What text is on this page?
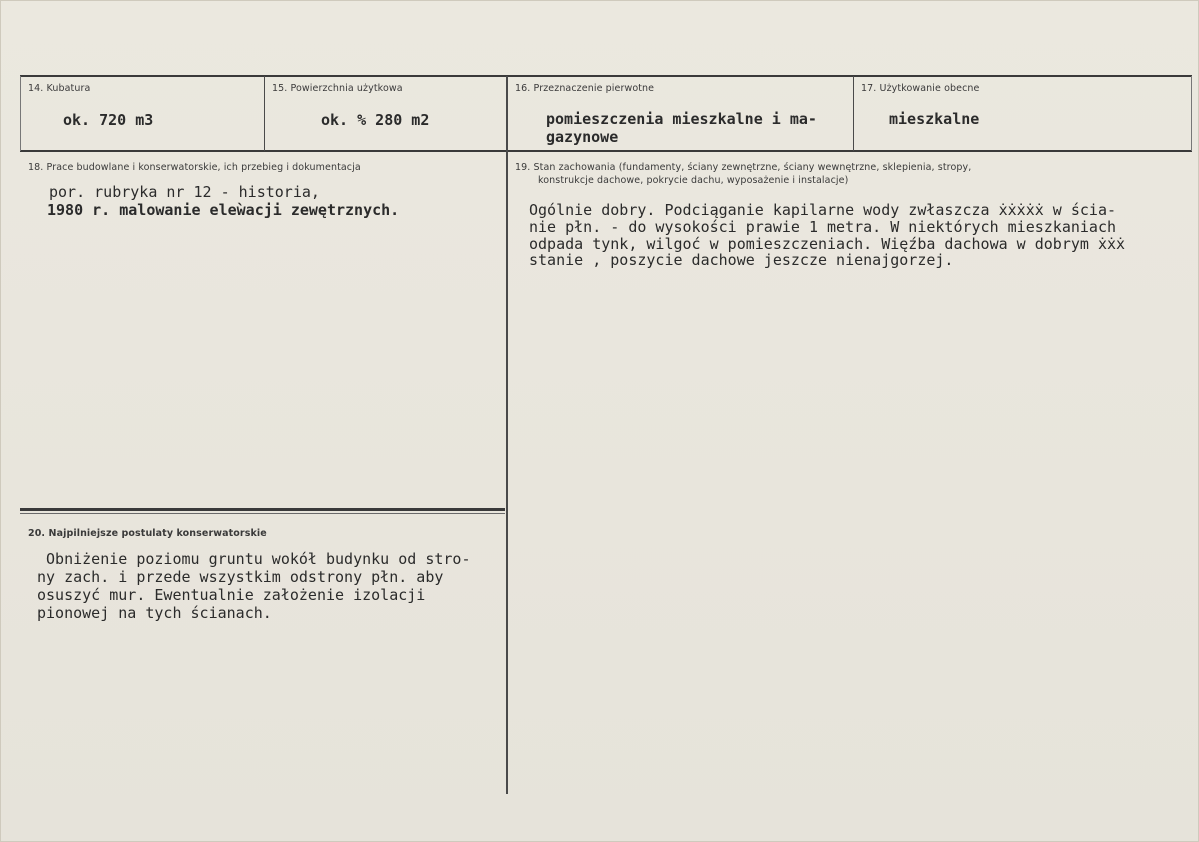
14. Kubatura
ok. 720 m3
15. Powierzchnia użytkowa
ok. % 280 m2
16. Przeznaczenie pierwotne
pomieszczenia mieszkalne i ma-
gazynowe
17. Użytkowanie obecne
mieszkalne
18. Prace budowlane i konserwatorskie, ich przebieg i dokumentacja
por. rubryka nr 12 - historia,
1980 r. malowanie eleẁacji zewętrznych.
19. Stan zachowania (fundamenty, ściany zewnętrzne, ściany wewnętrzne, sklepienia, stropy,
konstrukcje dachowe, pokrycie dachu, wyposażenie i instalacje)
Ogólnie dobry. Podciąganie kapilarne wody zwłaszcza ẋẋẋẋẋ w ścia-
nie płn. - do wysokości prawie 1 metra. W niektórych mieszkaniach
odpada tynk, wilgoć w pomieszczeniach. Więźba dachowa w dobrym ẋẋẋ
stanie , poszycie dachowe jeszcze nienajgorzej.
20. Najpilniejsze postulaty konserwatorskie
Obniżenie poziomu gruntu wokół budynku od stro-
ny zach. i przede wszystkim odstrony płn. aby
osuszyć mur. Ewentualnie założenie izolacji
pionowej na tych ścianach.
